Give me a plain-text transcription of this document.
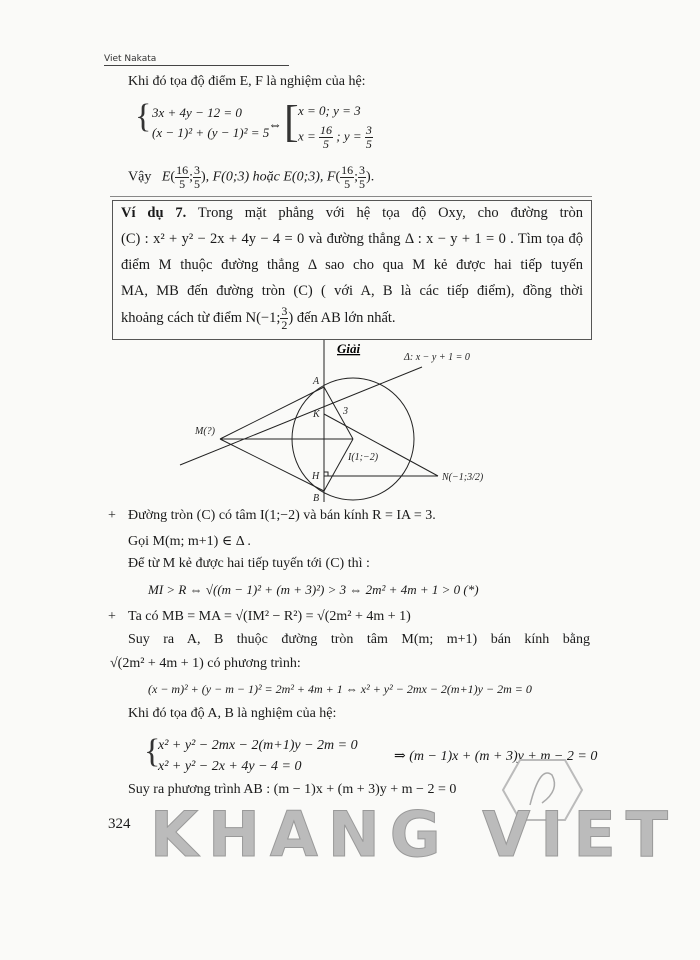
Viet Nakata
Khi đó tọa độ điểm E, F là nghiệm của hệ:
{ 3x + 4y − 12 = 0
(x − 1)² + (y − 1)² = 5
⇔ [ x = 0; y = 3
$x = \frac{16}{5}$ ; $y = \frac{3}{5}$
Vậy $E( \frac{16}{5}$ ; $\frac{3}{5}$ ), F(0;3) hoặc E(0;3), $F( \frac{16}{5}$ ; $\frac{3}{5}$ ).
Ví dụ 7. Trong mặt phẳng với hệ tọa độ Oxy, cho đường tròn
(C) : x² + y² − 2x + 4y − 4 = 0 và đường thẳng Δ : x − y + 1 = 0 . Tìm tọa độ
điểm M thuộc đường thẳng Δ sao cho qua M kẻ được hai tiếp tuyến
MA, MB đến đường tròn (C) ( với A, B là các tiếp điểm), đồng thời
khoảng cách từ điểm N(−1; $\frac{3}{2}$ ) đến AB lớn nhất.
Giải
Δ: x − y + 1 = 0
A
K
H
B
M(?)
I(1;−2)
N(−1;3/2)
3
+ Đường tròn (C) có tâm I(1;−2) và bán kính R = IA = 3.
Gọi M(m; m+1) ∈ Δ .
Để từ M kẻ được hai tiếp tuyến tới (C) thì :
MI > R ⇔ √((m − 1)² + (m + 3)²) > 3 ⇔ 2m² + 4m + 1 > 0 (*)
+ Ta có MB = MA = √(IM² − R²) = √(2m² + 4m + 1)
Suy ra A, B thuộc đường tròn tâm M(m; m+1) bán kính bằng
√(2m² + 4m + 1) có phương trình:
(x − m)² + (y − m − 1)² = 2m² + 4m + 1 ⇔ x² + y² − 2mx − 2(m+1)y − 2m = 0
Khi đó tọa độ A, B là nghiệm của hệ:
{
x² + y² − 2mx − 2(m+1)y − 2m = 0
x² + y² − 2x + 4y − 4 = 0
⇒ (m − 1)x + (m + 3)y + m − 2 = 0
Suy ra phương trình AB : (m − 1)x + (m + 3)y + m − 2 = 0
324 KHANG VIET
